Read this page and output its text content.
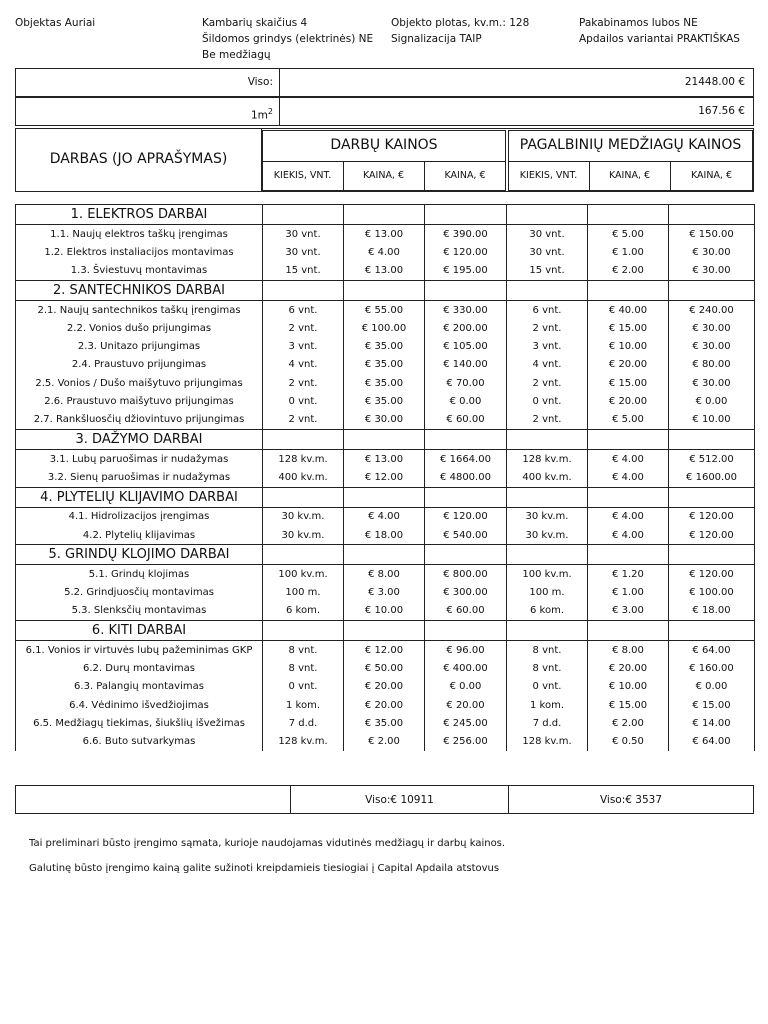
Objektas Auriai	Kambarių skaičius 4
Šildomos grindys (elektrinės) NE
Be medžiagų
Objekto plotas, kv.m.: 128
Signalizacija TAIP
Pakabinamos lubos NE
Apdailos variantai PRAKTIŠKAS
Viso:	21448.00 €
$1m^2$	167.56 €
DARBAS (JO APRAŠYMAS)
DARBŲ KAINOS
KIEKIS, VNT.	KAINA, €	KAINA, €
PAGALBINIŲ MEDŽIAGŲ KAINOS
KIEKIS, VNT.	KAINA, €	KAINA, €
1. ELEKTROS DARBAI						
1.1. Naujų elektros taškų įrengimas	30 vnt.	€ 13.00	€ 390.00	30 vnt.	€ 5.00	€ 150.00
1.2. Elektros instaliacijos montavimas	30 vnt.	€ 4.00	€ 120.00	30 vnt.	€ 1.00	€ 30.00
1.3. Šviestuvų montavimas	15 vnt.	€ 13.00	€ 195.00	15 vnt.	€ 2.00	€ 30.00
2. SANTECHNIKOS DARBAI						
2.1. Naujų santechnikos taškų įrengimas	6 vnt.	€ 55.00	€ 330.00	6 vnt.	€ 40.00	€ 240.00
2.2. Vonios dušo prijungimas	2 vnt.	€ 100.00	€ 200.00	2 vnt.	€ 15.00	€ 30.00
2.3. Unitazo prijungimas	3 vnt.	€ 35.00	€ 105.00	3 vnt.	€ 10.00	€ 30.00
2.4. Praustuvo prijungimas	4 vnt.	€ 35.00	€ 140.00	4 vnt.	€ 20.00	€ 80.00
2.5. Vonios / Dušo maišytuvo prijungimas	2 vnt.	€ 35.00	€ 70.00	2 vnt.	€ 15.00	€ 30.00
2.6. Praustuvo maišytuvo prijungimas	0 vnt.	€ 35.00	€ 0.00	0 vnt.	€ 20.00	€ 0.00
2.7. Rankšluosčių džiovintuvo prijungimas	2 vnt.	€ 30.00	€ 60.00	2 vnt.	€ 5.00	€ 10.00
3. DAŽYMO DARBAI						
3.1. Lubų paruošimas ir nudažymas	128 kv.m.	€ 13.00	€ 1664.00	128 kv.m.	€ 4.00	€ 512.00
3.2. Sienų paruošimas ir nudažymas	400 kv.m.	€ 12.00	€ 4800.00	400 kv.m.	€ 4.00	€ 1600.00
4. PLYTELIŲ KLIJAVIMO DARBAI						
4.1. Hidrolizacijos įrengimas	30 kv.m.	€ 4.00	€ 120.00	30 kv.m.	€ 4.00	€ 120.00
4.2. Plytelių klijavimas	30 kv.m.	€ 18.00	€ 540.00	30 kv.m.	€ 4.00	€ 120.00
5. GRINDŲ KLOJIMO DARBAI						
5.1. Grindų klojimas	100 kv.m.	€ 8.00	€ 800.00	100 kv.m.	€ 1.20	€ 120.00
5.2. Grindjuosčių montavimas	100 m.	€ 3.00	€ 300.00	100 m.	€ 1.00	€ 100.00
5.3. Slenksčių montavimas	6 kom.	€ 10.00	€ 60.00	6 kom.	€ 3.00	€ 18.00
6. KITI DARBAI						
6.1. Vonios ir virtuvės lubų pažeminimas GKP	8 vnt.	€ 12.00	€ 96.00	8 vnt.	€ 8.00	€ 64.00
6.2. Durų montavimas	8 vnt.	€ 50.00	€ 400.00	8 vnt.	€ 20.00	€ 160.00
6.3. Palangių montavimas	0 vnt.	€ 20.00	€ 0.00	0 vnt.	€ 10.00	€ 0.00
6.4. Vėdinimo išvedžiojimas	1 kom.	€ 20.00	€ 20.00	1 kom.	€ 15.00	€ 15.00
6.5. Medžiagų tiekimas, šiukšlių išvežimas	7 d.d.	€ 35.00	€ 245.00	7 d.d.	€ 2.00	€ 14.00
6.6. Buto sutvarkymas	128 kv.m.	€ 2.00	€ 256.00	128 kv.m.	€ 0.50	€ 64.00
Viso:€ 10911	Viso:€ 3537
Tai preliminari būsto įrengimo sąmata, kurioje naudojamas vidutinės medžiagų ir darbų kainos.
Galutinę būsto įrengimo kainą galite sužinoti kreipdamieis tiesiogiai į Capital Apdaila atstovus
